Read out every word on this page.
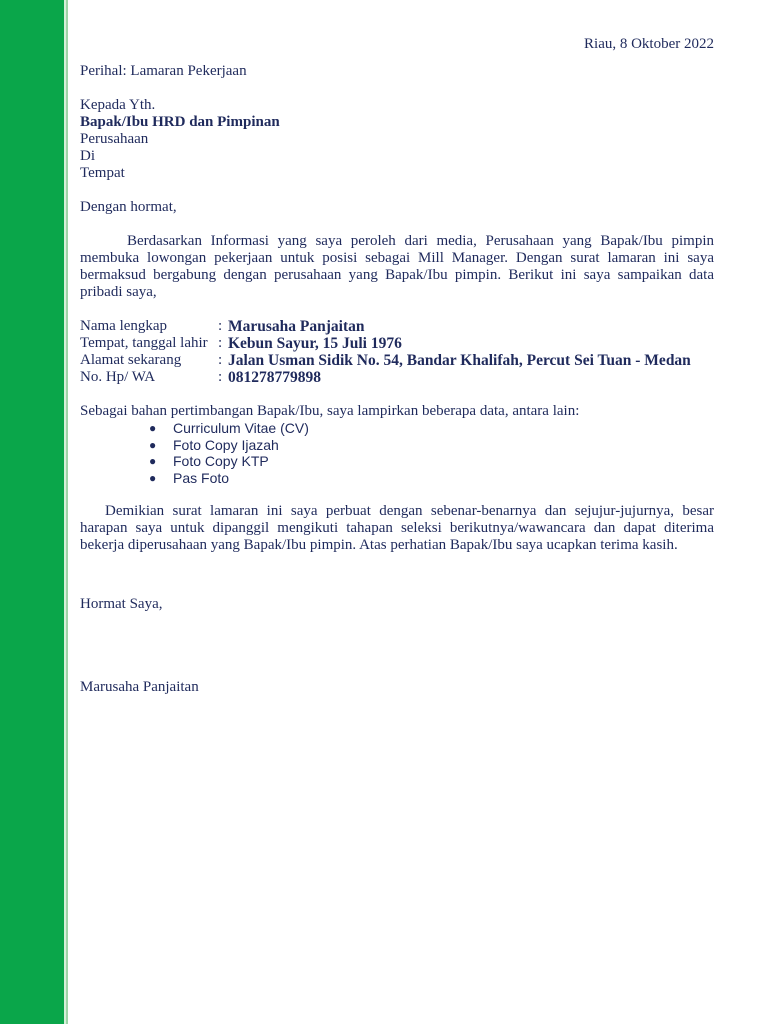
Riau, 8 Oktober 2022

Perihal: Lamaran Pekerjaan

Kepada Yth.

Bapak/Ibu HRD dan Pimpinan

Perusahaan

Di

Tempat

Dengan hormat,

Berdasarkan Informasi yang saya peroleh dari media, Perusahaan yang Bapak/Ibu pimpin membuka lowongan pekerjaan untuk posisi sebagai Mill Manager. Dengan surat lamaran ini saya bermaksud bergabung dengan perusahaan yang Bapak/Ibu pimpin. Berikut ini saya sampaikan data pribadi saya,

Nama lengkap	:	Marusaha Panjaitan
Tempat, tanggal lahir	:	Kebun Sayur, 15 Juli 1976
Alamat sekarang	:	Jalan Usman Sidik No. 54, Bandar Khalifah, Percut Sei Tuan - Medan
No. Hp/ WA	:	081278779898

Sebagai bahan pertimbangan Bapak/Ibu, saya lampirkan beberapa data, antara lain:

● Curriculum Vitae (CV)
● Foto Copy Ijazah
● Foto Copy KTP
● Pas Foto

Demikian surat lamaran ini saya perbuat dengan sebenar-benarnya dan sejujur-jujurnya, besar harapan saya untuk dipanggil mengikuti tahapan seleksi berikutnya/wawancara dan dapat diterima bekerja diperusahaan yang Bapak/Ibu pimpin. Atas perhatian Bapak/Ibu saya ucapkan terima kasih.

Hormat Saya,

Marusaha Panjaitan
